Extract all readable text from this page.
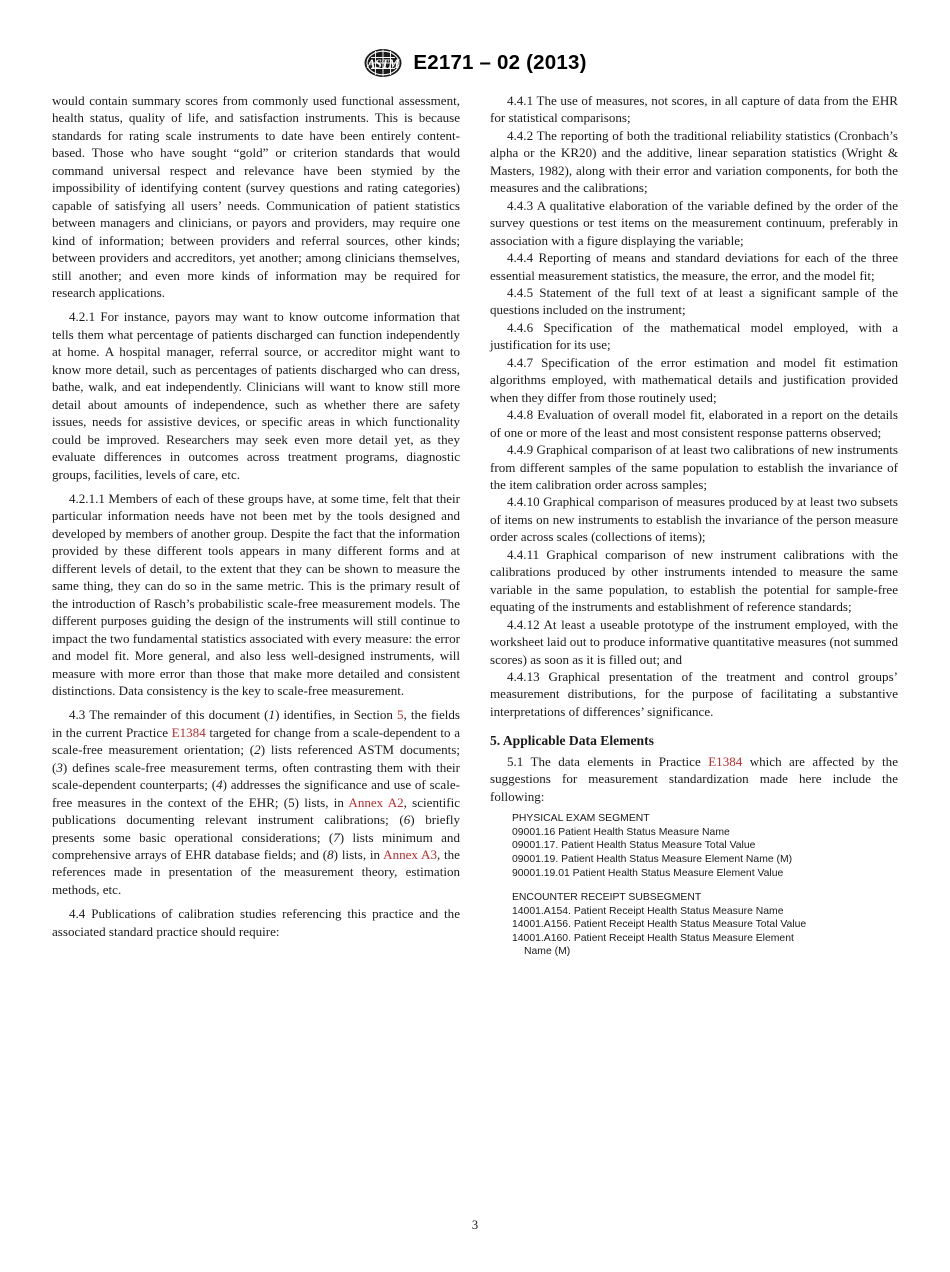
ASTM E2171 – 02 (2013)

would contain summary scores from commonly used functional assessment, health status, quality of life, and satisfaction instruments. This is because standards for rating scale instruments to date have been entirely content-based. Those who have sought “gold” or criterion standards that would command universal respect and relevance have been stymied by the impossibility of identifying content (survey questions and rating categories) capable of satisfying all users’ needs. Communication of patient statistics between managers and clinicians, or payors and providers, may require one kind of information; between providers and referral sources, other kinds; between providers and accreditors, yet another; among clinicians themselves, still another; and even more kinds of information may be required for research applications.

4.2.1 For instance, payors may want to know outcome information that tells them what percentage of patients discharged can function independently at home. A hospital manager, referral source, or accreditor might want to know more detail, such as percentages of patients discharged who can dress, bathe, walk, and eat independently. Clinicians will want to know still more detail about amounts of independence, such as whether there are safety issues, needs for assistive devices, or specific areas in which functionality could be improved. Researchers may seek even more detail yet, as they evaluate differences in outcomes across treatment programs, diagnostic groups, facilities, levels of care, etc.

4.2.1.1 Members of each of these groups have, at some time, felt that their particular information needs have not been met by the tools designed and developed by members of another group. Despite the fact that the information provided by these different tools appears in many different forms and at different levels of detail, to the extent that they can be shown to measure the same thing, they can do so in the same metric. This is the primary result of the introduction of Rasch’s probabilistic scale-free measurement models. The different purposes guiding the design of the instruments will still continue to impact the two fundamental statistics associated with every measure: the error and model fit. More general, and also less well-designed instruments, will measure with more error than those that make more detailed and consistent distinctions. Data consistency is the key to scale-free measurement.

4.3 The remainder of this document (1) identifies, in Section 5, the fields in the current Practice E1384 targeted for change from a scale-dependent to a scale-free measurement orientation; (2) lists referenced ASTM documents; (3) defines scale-free measurement terms, often contrasting them with their scale-dependent counterparts; (4) addresses the significance and use of scale-free measures in the context of the EHR; (5) lists, in Annex A2, scientific publications documenting relevant instrument calibrations; (6) briefly presents some basic operational considerations; (7) lists minimum and comprehensive arrays of EHR database fields; and (8) lists, in Annex A3, the references made in presentation of the measurement theory, estimation methods, etc.

4.4 Publications of calibration studies referencing this practice and the associated standard practice should require:

4.4.1 The use of measures, not scores, in all capture of data from the EHR for statistical comparisons;

4.4.2 The reporting of both the traditional reliability statistics (Cronbach’s alpha or the KR20) and the additive, linear separation statistics (Wright & Masters, 1982), along with their error and variation components, for both the measures and the calibrations;

4.4.3 A qualitative elaboration of the variable defined by the order of the survey questions or test items on the measurement continuum, preferably in association with a figure displaying the variable;

4.4.4 Reporting of means and standard deviations for each of the three essential measurement statistics, the measure, the error, and the model fit;

4.4.5 Statement of the full text of at least a significant sample of the questions included on the instrument;

4.4.6 Specification of the mathematical model employed, with a justification for its use;

4.4.7 Specification of the error estimation and model fit estimation algorithms employed, with mathematical details and justification provided when they differ from those routinely used;

4.4.8 Evaluation of overall model fit, elaborated in a report on the details of one or more of the least and most consistent response patterns observed;

4.4.9 Graphical comparison of at least two calibrations of new instruments from different samples of the same population to establish the invariance of the item calibration order across samples;

4.4.10 Graphical comparison of measures produced by at least two subsets of items on new instruments to establish the invariance of the person measure order across scales (collections of items);

4.4.11 Graphical comparison of new instrument calibrations with the calibrations produced by other instruments intended to measure the same variable in the same population, to establish the potential for sample-free equating of the instruments and establishment of reference standards;

4.4.12 At least a useable prototype of the instrument employed, with the worksheet laid out to produce informative quantitative measures (not summed scores) as soon as it is filled out; and

4.4.13 Graphical presentation of the treatment and control groups’ measurement distributions, for the purpose of facilitating a substantive interpretations of differences’ significance.

5. Applicable Data Elements

5.1 The data elements in Practice E1384 which are affected by the suggestions for measurement standardization made here include the following:

PHYSICAL EXAM SEGMENT
09001.16 Patient Health Status Measure Name
09001.17. Patient Health Status Measure Total Value
09001.19. Patient Health Status Measure Element Name (M)
90001.19.01 Patient Health Status Measure Element Value
ENCOUNTER RECEIPT SUBSEGMENT
14001.A154. Patient Receipt Health Status Measure Name
14001.A156. Patient Receipt Health Status Measure Total Value
14001.A160. Patient Receipt Health Status Measure Element
Name (M)
3
